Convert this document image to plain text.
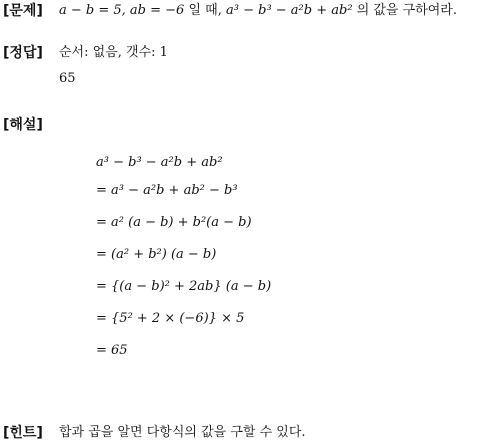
[문제] a − b = 5, ab = −6 일 때, a³ − b³ − a²b + ab² 의 값을 구하여라.
[정답] 순서: 없음, 갯수: 1
65
[해설]
a³ − b³ − a²b + ab²
= a³ − a²b + ab² − b³
= a² (a − b) + b²(a − b)
= (a² + b²) (a − b)
= {(a − b)² + 2ab} (a − b)
= {5² + 2 × (−6)} × 5
= 65
[힌트] 합과 곱을 알면 다항식의 값을 구할 수 있다.
